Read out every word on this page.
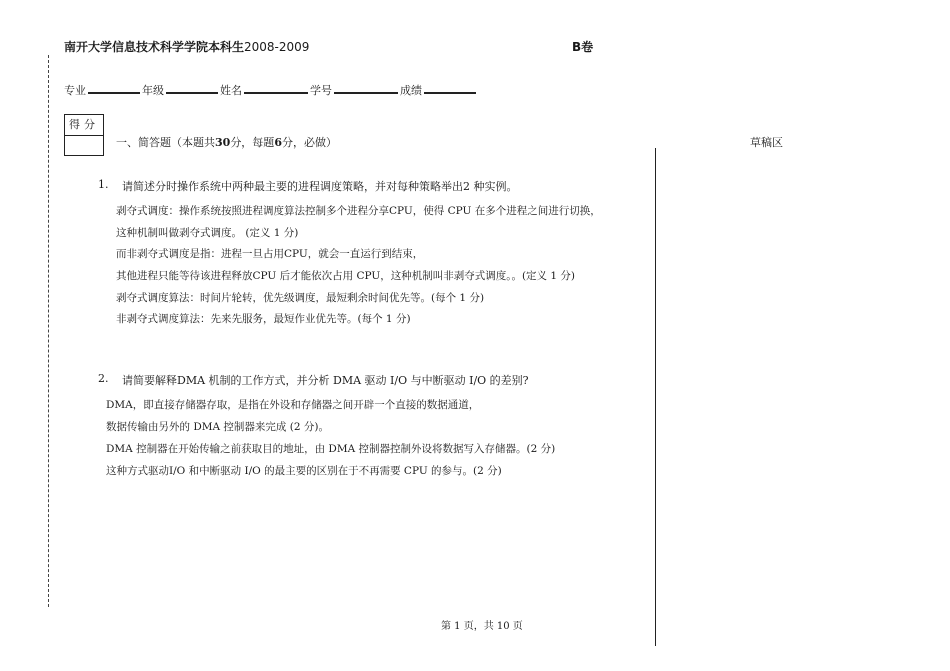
南开大学信息技术科学学院本科生2008-2009	B卷
专业	年级	姓名	学号	成绩
得分
一、简答题（本题共30分，每题6分，必做）	草稿区
1. 请简述分时操作系统中两种最主要的进程调度策略，并对每种策略举出2 种实例。
剥夺式调度：操作系统按照进程调度算法控制多个进程分享CPU，使得 CPU 在多个进程之间进行切换，
这种机制叫做剥夺式调度。 (定义 1 分)
而非剥夺式调度是指：进程一旦占用CPU，就会一直运行到结束，
其他进程只能等待该进程释放CPU 后才能依次占用 CPU，这种机制叫非剥夺式调度。。(定义 1 分)
剥夺式调度算法：时间片轮转，优先级调度，最短剩余时间优先等。(每个 1 分)
非剥夺式调度算法：先来先服务，最短作业优先等。(每个 1 分)
2. 请简要解释DMA 机制的工作方式，并分析 DMA 驱动 I/O 与中断驱动 I/O 的差别?
DMA，即直接存储器存取，是指在外设和存储器之间开辟一个直接的数据通道，
数据传输由另外的 DMA 控制器来完成 (2 分)。
DMA 控制器在开始传输之前获取目的地址，由 DMA 控制器控制外设将数据写入存储器。(2 分)
这种方式驱动I/O 和中断驱动 I/O 的最主要的区别在于不再需要 CPU 的参与。(2 分)
第 1 页，共 10 页
